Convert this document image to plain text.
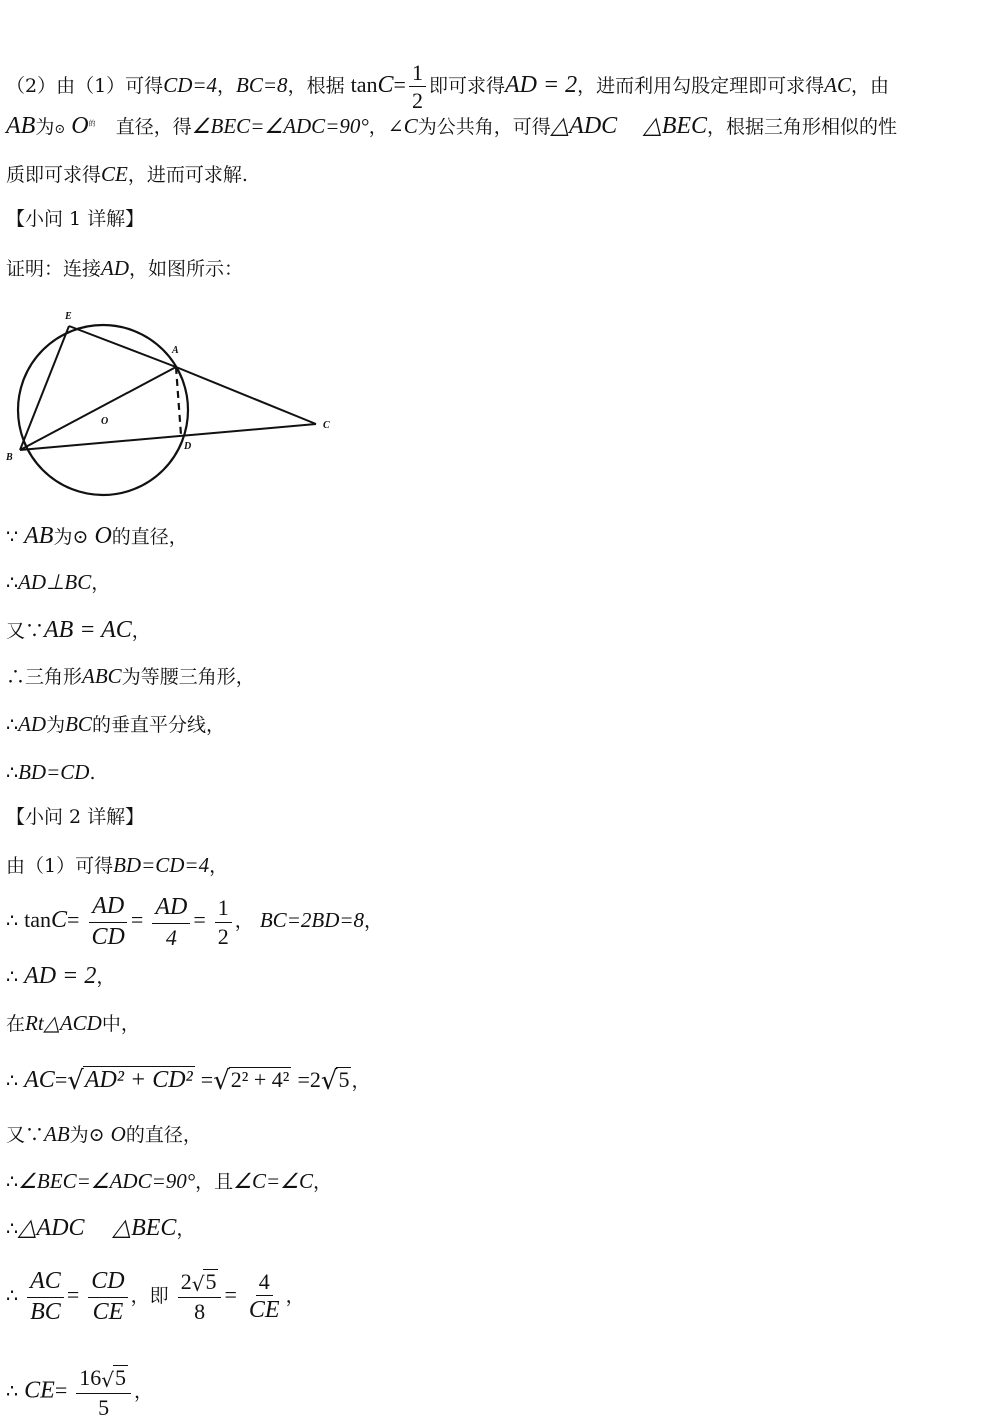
（2）由（1）可得CD=4，BC=8，根据 $\tan C= \frac{1}{2}$ 即可求得AD = 2，进而利用勾股定理即可求得AC，由
AB为⊙ $O^的$ 直径，得∠BEC=∠ADC=90°，∠C为公共角，可得△ADC △BEC，根据三角形相似的性
质即可求得CE，进而可求解.
【小问 1 详解】
证明：连接AD，如图所示：
E
A
O	C
B
D
∵ AB为⊙ O的直径，
∴AD⊥BC，
又∵AB = AC，
∴三角形ABC为等腰三角形，
∴AD为BC的垂直平分线，
∴BD=CD.
【小问 2 详解】
由（1）可得BD=CD=4，
∴ $\tan C= \frac{AD}{CD} = \frac{AD}{4} = \frac{1}{2}$ ， BC=2BD=8，
∴ AD = 2，
在Rt△ACD中，
∴ AC=√AD² + CD² =√2² + 4² =2√5 ，
又∵AB为⊙ O的直径，
∴∠BEC=∠ADC=90°，且∠C=∠C，
∴△ADC △BEC，
∴ $\frac{AC}{BC} = \frac{CD}{CE}$ ，即 $\frac{2√5}{8} = \frac{4}{CE}$ ，
∴ $CE= \frac{16√5}{5}$ ，
